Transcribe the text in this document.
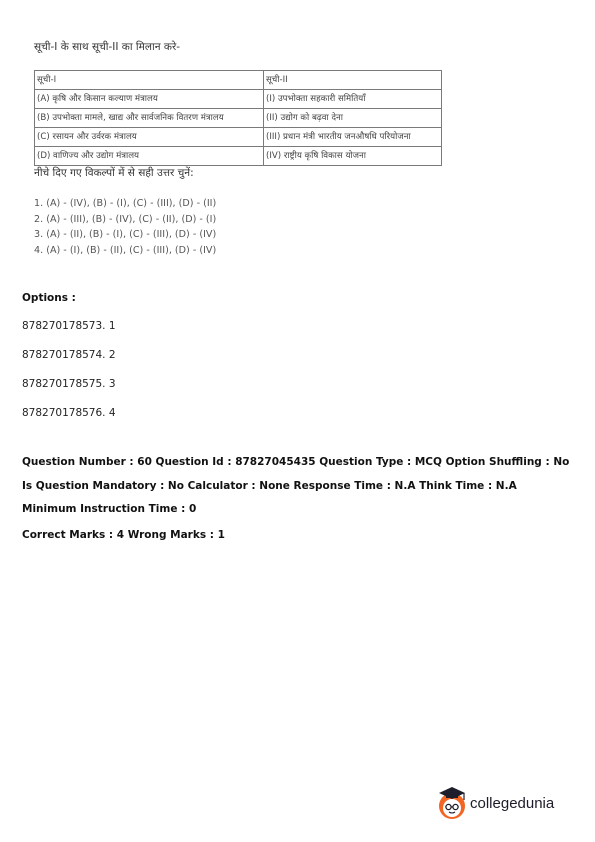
सूची-I के साथ सूची-II का मिलान करे-
सूची-I	सूची-II
(A) कृषि और किसान कल्याण मंत्रालय	(I) उपभोक्ता सहकारी समितियाँ
(B) उपभोक्ता मामले, खाद्य और सार्वजनिक वितरण मंत्रालय	(II) उद्योग को बढ़वा देना
(C) रसायन और उर्वरक मंत्रालय	(III) प्रधान मंत्री भारतीय जनऔषधि परियोजना
(D) वाणिज्य और उद्योग मंत्रालय	(IV) राष्ट्रीय कृषि विकास योजना
नीचे दिए गए विकल्पों में से सही उत्तर चुनें:
1. (A) - (IV), (B) - (I), (C) - (III), (D) - (II)
2. (A) - (III), (B) - (IV), (C) - (II), (D) - (I)
3. (A) - (II), (B) - (I), (C) - (III), (D) - (IV)
4. (A) - (I), (B) - (II), (C) - (III), (D) - (IV)
Options :
878270178573. 1
878270178574. 2
878270178575. 3
878270178576. 4
Question Number : 60 Question Id : 87827045435 Question Type : MCQ Option Shuffling : No
Is Question Mandatory : No Calculator : None Response Time : N.A Think Time : N.A
Minimum Instruction Time : 0
Correct Marks : 4 Wrong Marks : 1
collegedunia
